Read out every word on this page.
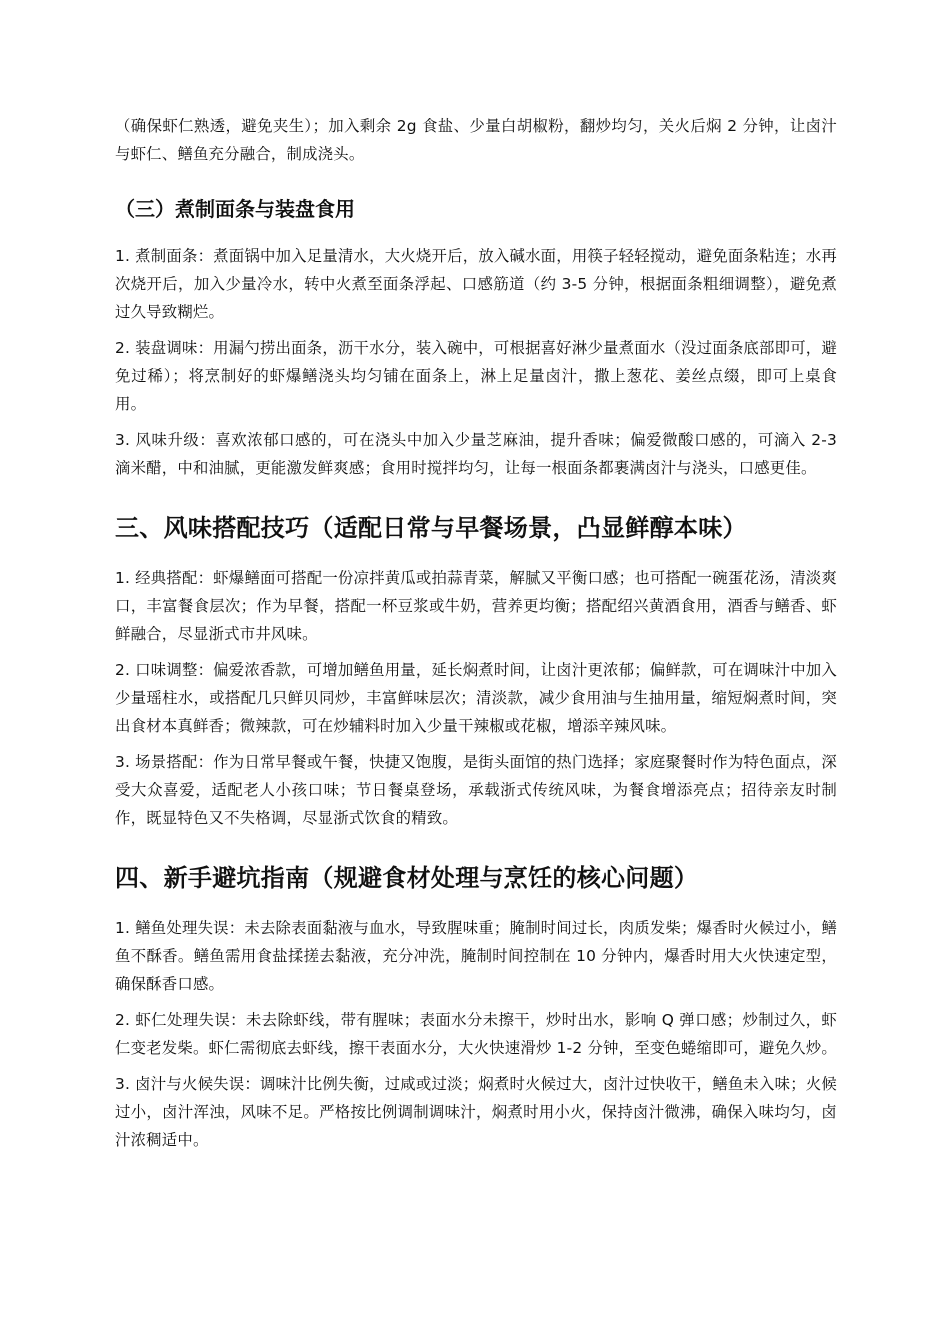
（确保虾仁熟透，避免夹生）；加入剩余 2g 食盐、少量白胡椒粉，翻炒均匀，关火后焖 2 分钟，让卤汁与虾仁、鳝鱼充分融合，制成浇头。

（三）煮制面条与装盘食用

1. 煮制面条：煮面锅中加入足量清水，大火烧开后，放入碱水面，用筷子轻轻搅动，避免面条粘连；水再次烧开后，加入少量冷水，转中火煮至面条浮起、口感筋道（约 3-5 分钟，根据面条粗细调整），避免煮过久导致糊烂。

2. 装盘调味：用漏勺捞出面条，沥干水分，装入碗中，可根据喜好淋少量煮面水（没过面条底部即可，避免过稀）；将烹制好的虾爆鳝浇头均匀铺在面条上，淋上足量卤汁，撒上葱花、姜丝点缀，即可上桌食用。

3. 风味升级：喜欢浓郁口感的，可在浇头中加入少量芝麻油，提升香味；偏爱微酸口感的，可滴入 2-3 滴米醋，中和油腻，更能激发鲜爽感；食用时搅拌均匀，让每一根面条都裹满卤汁与浇头，口感更佳。

三、风味搭配技巧（适配日常与早餐场景，凸显鲜醇本味）

1. 经典搭配：虾爆鳝面可搭配一份凉拌黄瓜或拍蒜青菜，解腻又平衡口感；也可搭配一碗蛋花汤，清淡爽口，丰富餐食层次；作为早餐，搭配一杯豆浆或牛奶，营养更均衡；搭配绍兴黄酒食用，酒香与鳝香、虾鲜融合，尽显浙式市井风味。

2. 口味调整：偏爱浓香款，可增加鳝鱼用量，延长焖煮时间，让卤汁更浓郁；偏鲜款，可在调味汁中加入少量瑶柱水，或搭配几只鲜贝同炒，丰富鲜味层次；清淡款，减少食用油与生抽用量，缩短焖煮时间，突出食材本真鲜香；微辣款，可在炒辅料时加入少量干辣椒或花椒，增添辛辣风味。

3. 场景搭配：作为日常早餐或午餐，快捷又饱腹，是街头面馆的热门选择；家庭聚餐时作为特色面点，深受大众喜爱，适配老人小孩口味；节日餐桌登场，承载浙式传统风味，为餐食增添亮点；招待亲友时制作，既显特色又不失格调，尽显浙式饮食的精致。

四、新手避坑指南（规避食材处理与烹饪的核心问题）

1. 鳝鱼处理失误：未去除表面黏液与血水，导致腥味重；腌制时间过长，肉质发柴；爆香时火候过小，鳝鱼不酥香。鳝鱼需用食盐揉搓去黏液，充分冲洗，腌制时间控制在 10 分钟内，爆香时用大火快速定型，确保酥香口感。

2. 虾仁处理失误：未去除虾线，带有腥味；表面水分未擦干，炒时出水，影响 Q 弹口感；炒制过久，虾仁变老发柴。虾仁需彻底去虾线，擦干表面水分，大火快速滑炒 1-2 分钟，至变色蜷缩即可，避免久炒。

3. 卤汁与火候失误：调味汁比例失衡，过咸或过淡；焖煮时火候过大，卤汁过快收干，鳝鱼未入味；火候过小，卤汁浑浊，风味不足。严格按比例调制调味汁，焖煮时用小火，保持卤汁微沸，确保入味均匀，卤汁浓稠适中。
